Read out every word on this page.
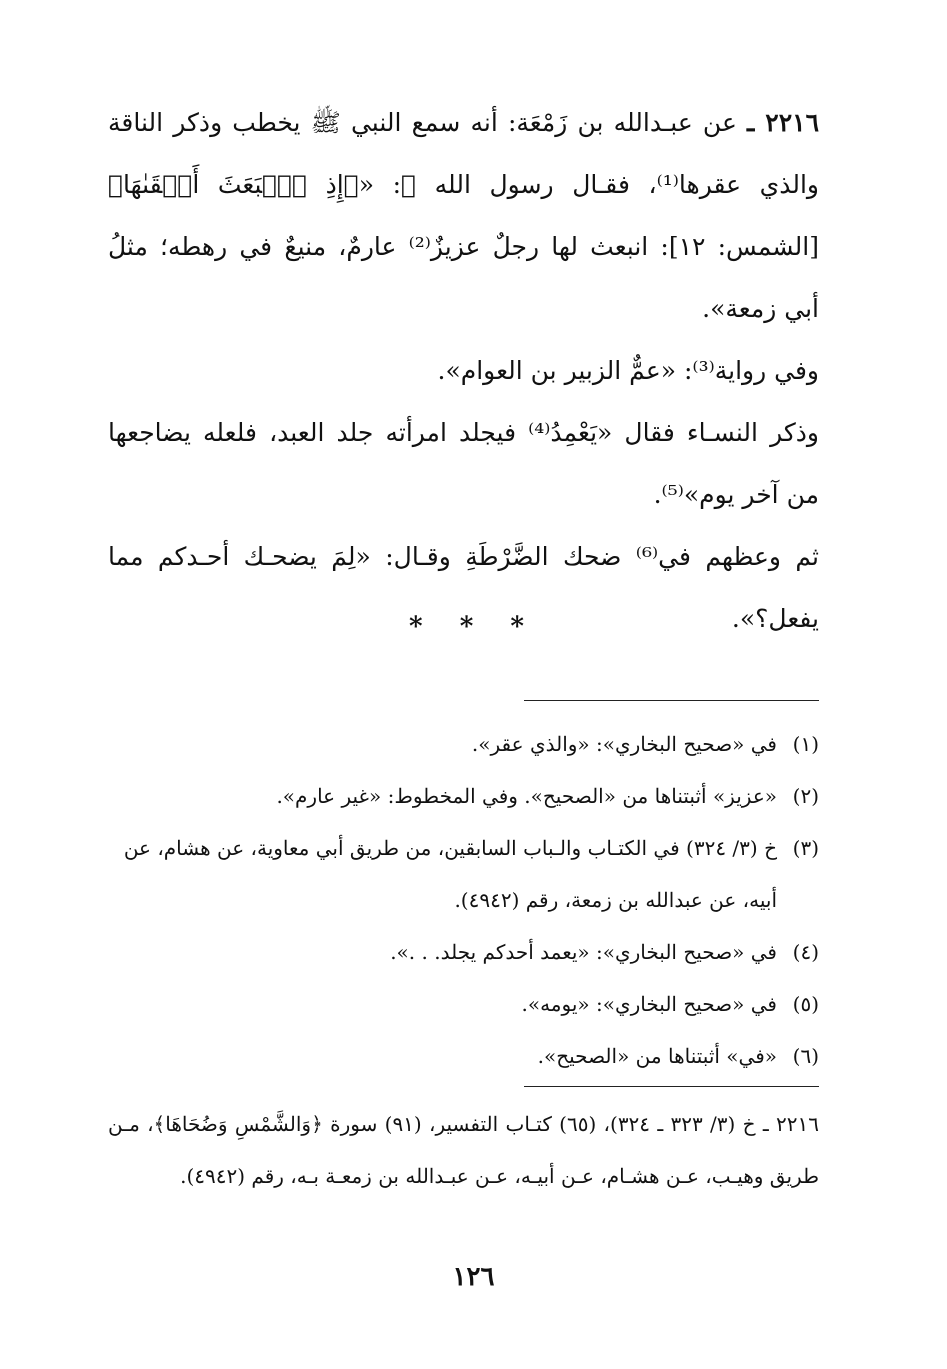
٢٢١٦ ـ عن عبـدالله بن زَمْعَة: أنه سمع النبي ﷺ يخطب وذكر الناقة والذي عقرها⁽¹⁾، فقـال رسول الله ﷺ: «﴿إِذِ ٱنۢبَعَثَ أَشۡقَىٰهَا﴾[الشمس: ١٢]: انبعث لها رجلٌ عزيزٌ⁽²⁾ عارمٌ، منيعٌ في رهطه؛ مثلُ أبي زمعة».

وفي رواية⁽³⁾: «عمٌّ الزبير بن العوام».

وذكر النسـاء فقال «يَعْمِدُ⁽⁴⁾ فيجلد امرأته جلد العبد، فلعله يضاجعها من آخر يوم»⁽⁵⁾.

ثم وعظهم في⁽⁶⁾ ضحك الضَّرْطَةِ وقـال: «لِمَ يضحـك أحـدكم مما يفعل؟».

* * *
(١)
في «صحيح البخاري»: «والذي عقر».
(٢)
«عزيز» أثبتناها من «الصحيح». وفي المخطوط: «غير عارم».
(٣)
خ (٣/ ٣٢٤) في الكتـاب والـباب السابقين، من طريق أبي معاوية، عن هشام، عن أبيه، عن عبدالله بن زمعة، رقم (٤٩٤٢).
(٤)
في «صحيح البخاري»: «يعمد أحدكم يجلد. . .».
(٥)
في «صحيح البخاري»: «يومه».
(٦)
«في» أثبتناها من «الصحيح».
٢٢١٦ ـ خ (٣/ ٣٢٣ ـ ٣٢٤)، (٦٥) كتـاب التفسير، (٩١) سورة ﴿وَالشَّمْسِ وَضُحَاهَا﴾، مـن طريق وهيـب، عـن هشـام، عـن أبيـه، عـن عبـدالله بن زمعـة بـه، رقم (٤٩٤٢).
١٢٦
